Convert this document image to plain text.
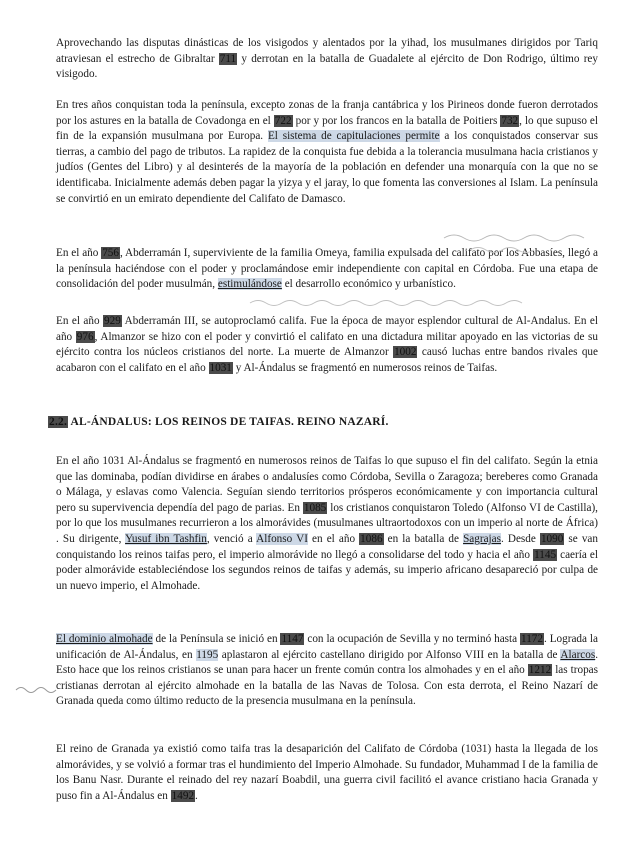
Aprovechando las disputas dinásticas de los visigodos y alentados por la yihad, los musulmanes dirigidos por Tariq atraviesan el estrecho de Gibraltar 711 y derrotan en la batalla de Guadalete al ejército de Don Rodrigo, último rey visigodo.

En tres años conquistan toda la península, excepto zonas de la franja cantábrica y los Pirineos donde fueron derrotados por los astures en la batalla de Covadonga en el 722 por y por los francos en la batalla de Poitiers 732, lo que supuso el fin de la expansión musulmana por Europa. El sistema de capitulaciones permite a los conquistados conservar sus tierras, a cambio del pago de tributos. La rapidez de la conquista fue debida a la tolerancia musulmana hacia cristianos y judíos (Gentes del Libro) y al desinterés de la mayoría de la población en defender una monarquía con la que no se identificaba. Inicialmente además deben pagar la yizya y el jaray, lo que fomenta las conversiones al Islam. La península se convirtió en un emirato dependiente del Califato de Damasco.

En el año 756, Abderramán I, superviviente de la familia Omeya, familia expulsada del califato por los Abbasíes, llegó a la península haciéndose con el poder y proclamándose emir independiente con capital en Córdoba. Fue una etapa de consolidación del poder musulmán, estimulándose el desarrollo económico y urbanístico.

En el año 929 Abderramán III, se autoproclamó califa. Fue la época de mayor esplendor cultural de Al-Andalus. En el año 976, Almanzor se hizo con el poder y convirtió el califato en una dictadura militar apoyado en las victorias de su ejército contra los núcleos cristianos del norte. La muerte de Almanzor 1002 causó luchas entre bandos rivales que acabaron con el califato en el año 1031 y Al-Ándalus se fragmentó en numerosos reinos de Taifas.

2.2. AL-ÁNDALUS: LOS REINOS DE TAIFAS. REINO NAZARÍ.

En el año 1031 Al-Ándalus se fragmentó en numerosos reinos de Taifas lo que supuso el fin del califato. Según la etnia que las dominaba, podían dividirse en árabes o andalusíes como Córdoba, Sevilla o Zaragoza; bereberes como Granada o Málaga, y eslavas como Valencia. Seguían siendo territorios prósperos económicamente y con importancia cultural pero su supervivencia dependía del pago de parias. En 1085 los cristianos conquistaron Toledo (Alfonso VI de Castilla), por lo que los musulmanes recurrieron a los almorávides (musulmanes ultraortodoxos con un imperio al norte de África) . Su dirigente, Yusuf ibn Tashfin, venció a Alfonso VI en el año 1086 en la batalla de Sagrajas. Desde 1090 se van conquistando los reinos taifas pero, el imperio almorávide no llegó a consolidarse del todo y hacia el año 1145 caería el poder almorávide estableciéndose los segundos reinos de taifas y además, su imperio africano desapareció por culpa de un nuevo imperio, el Almohade.

El dominio almohade de la Península se inició en 1147 con la ocupación de Sevilla y no terminó hasta 1172. Lograda la unificación de Al-Ándalus, en 1195 aplastaron al ejército castellano dirigido por Alfonso VIII en la batalla de Alarcos. Esto hace que los reinos cristianos se unan para hacer un frente común contra los almohades y en el año 1212 las tropas cristianas derrotan al ejército almohade en la batalla de las Navas de Tolosa. Con esta derrota, el Reino Nazarí de Granada queda como último reducto de la presencia musulmana en la península.

El reino de Granada ya existió como taifa tras la desaparición del Califato de Córdoba (1031) hasta la llegada de los almorávides, y se volvió a formar tras el hundimiento del Imperio Almohade. Su fundador, Muhammad I de la familia de los Banu Nasr. Durante el reinado del rey nazarí Boabdil, una guerra civil facilitó el avance cristiano hacia Granada y puso fin a Al-Ándalus en 1492.
